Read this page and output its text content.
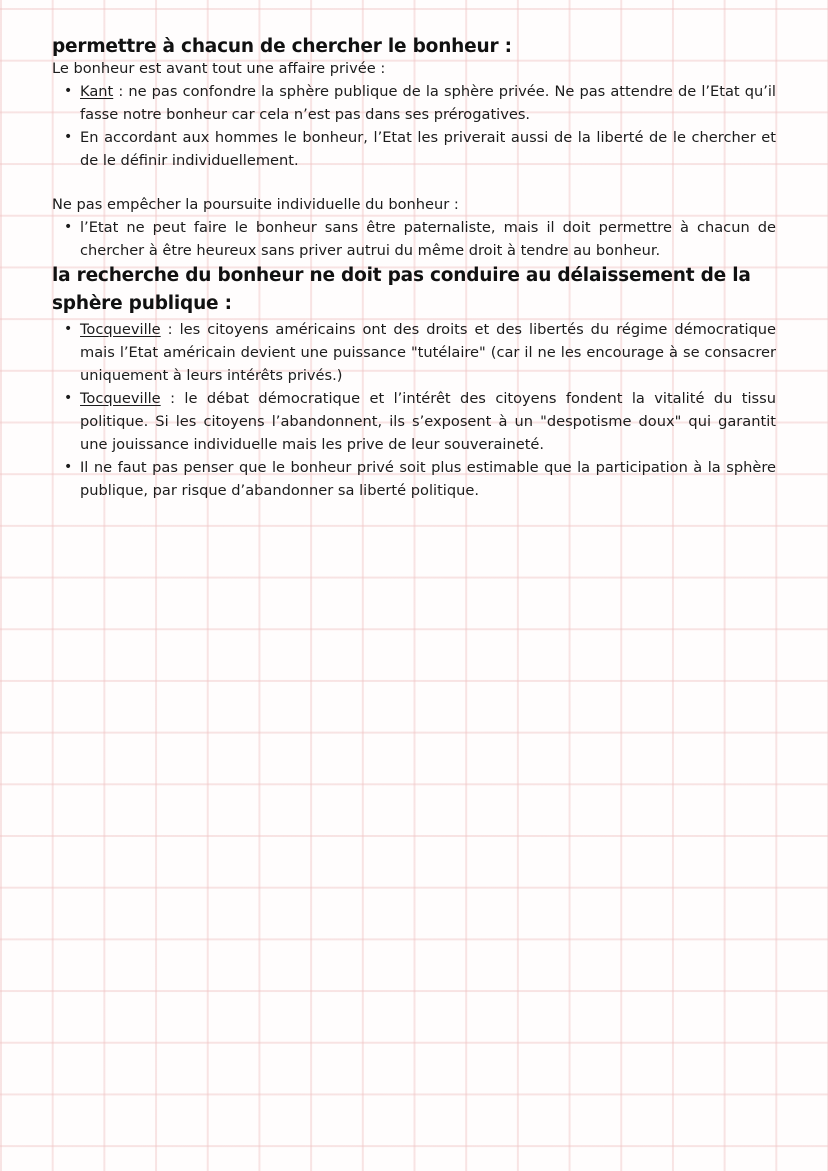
permettre à chacun de chercher le bonheur :

Le bonheur est avant tout une affaire privée :

• Kant : ne pas confondre la sphère publique de la sphère privée. Ne pas attendre de l’Etat qu’il fasse notre bonheur car cela n’est pas dans ses prérogatives.
• En accordant aux hommes le bonheur, l’Etat les priverait aussi de la liberté de le chercher et de le définir individuellement.

Ne pas empêcher la poursuite individuelle du bonheur :

• l’Etat ne peut faire le bonheur sans être paternaliste, mais il doit permettre à chacun de chercher à être heureux sans priver autrui du même droit à tendre au bonheur.
la recherche du bonheur ne doit pas conduire au délaissement de la sphère publique :
• Tocqueville : les citoyens américains ont des droits et des libertés du régime démocratique mais l’Etat américain devient une puissance "tutélaire" (car il ne les encourage à se consacrer uniquement à leurs intérêts privés.)
• Tocqueville : le débat démocratique et l’intérêt des citoyens fondent la vitalité du tissu politique. Si les citoyens l’abandonnent, ils s’exposent à un "despotisme doux" qui garantit une jouissance individuelle mais les prive de leur souveraineté.
• Il ne faut pas penser que le bonheur privé soit plus estimable que la participation à la sphère publique, par risque d’abandonner sa liberté politique.
